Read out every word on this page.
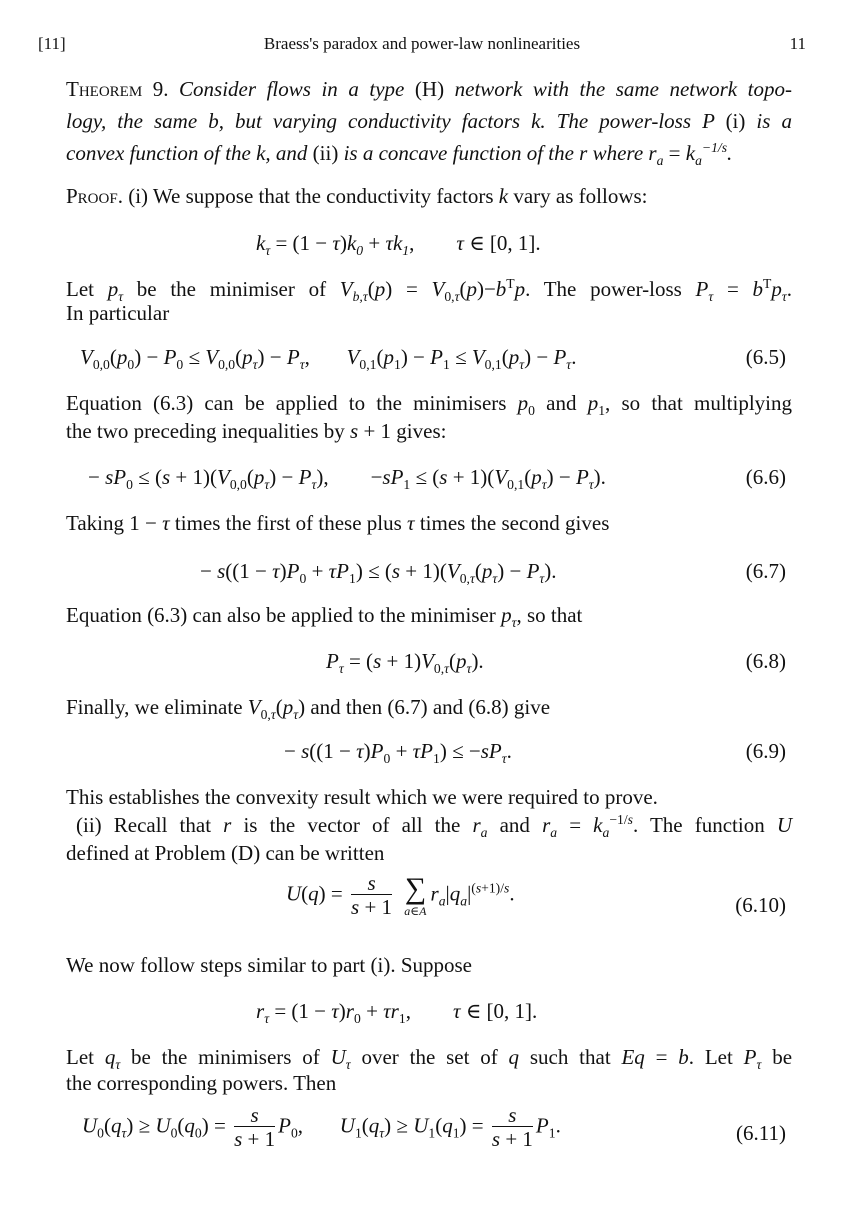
[11]	Braess's paradox and power-law nonlinearities	11
Theorem 9. Consider flows in a type (H) network with the same network topo-
logy, the same b, but varying conductivity factors k. The power-loss P (i) is a
convex function of the k, and (ii) is a concave function of the r where $r_a = k_a^{-1/s}$.
Proof. (i) We suppose that the conductivity factors k vary as follows:
$k_\tau = (1 - \tau)k_0 + \tau k_1$,        τ ∈ [0, 1].
Let $p_\tau$ be the minimiser of $V_{b,\tau}(p) = V_{0,\tau}(p)-b^Tp$. The power-loss $P_\tau = b^Tp_\tau$.
In particular
$V_{0,0}(p_0) - P_0 \le V_{0,0}(p_\tau) - P_\tau$,       $V_{0,1}(p_1) - P_1 \le V_{0,1}(p_\tau) - P_\tau$.	(6.5)
Equation (6.3) can be applied to the minimisers $p_0$ and $p_1$, so that multiplying
the two preceding inequalities by s + 1 gives:
− $sP_0 \le (s + 1)(V_{0,0}(p_\tau) - P_\tau)$, $-sP_1 \le (s + 1)(V_{0,1}(p_\tau) - P_\tau)$.	(6.6)
Taking 1 − τ times the first of these plus τ times the second gives
− $s((1 - \tau)P_0 + \tau P_1) \le (s + 1)(V_{0,\tau}(p_\tau) - P_\tau)$.	(6.7)
Equation (6.3) can also be applied to the minimiser $p_\tau$, so that
$P_\tau = (s + 1)V_{0,\tau}(p_\tau)$.	(6.8)
Finally, we eliminate $V_{0,\tau}(p_\tau)$ and then (6.7) and (6.8) give
− $s((1 - \tau)P_0 + \tau P_1) \le -sP_\tau$.	(6.9)
This establishes the convexity result which we were required to prove.
(ii) Recall that r is the vector of all the $r_a$ and $r_a = k_a^{-1/s}$. The function U
defined at Problem (D) can be written
$U(q) = \frac{s}{s + 1}$
∑
a∈A
$r_a|q_a|^{(s+1)/s}$.	(6.10)
We now follow steps similar to part (i). Suppose
$r_\tau = (1 - \tau)r_0 + \tau r_1$,        τ ∈ [0, 1].
Let $q_\tau$ be the minimisers of $U_\tau$ over the set of q such that Eq = b. Let $P_\tau$ be
the corresponding powers. Then
$U_0(q_\tau) \ge U_0(q_0) = \frac{s}{s + 1} P_0$,       $U_1(q_\tau) \ge U_1(q_1) = \frac{s}{s + 1} P_1$.	(6.11)
